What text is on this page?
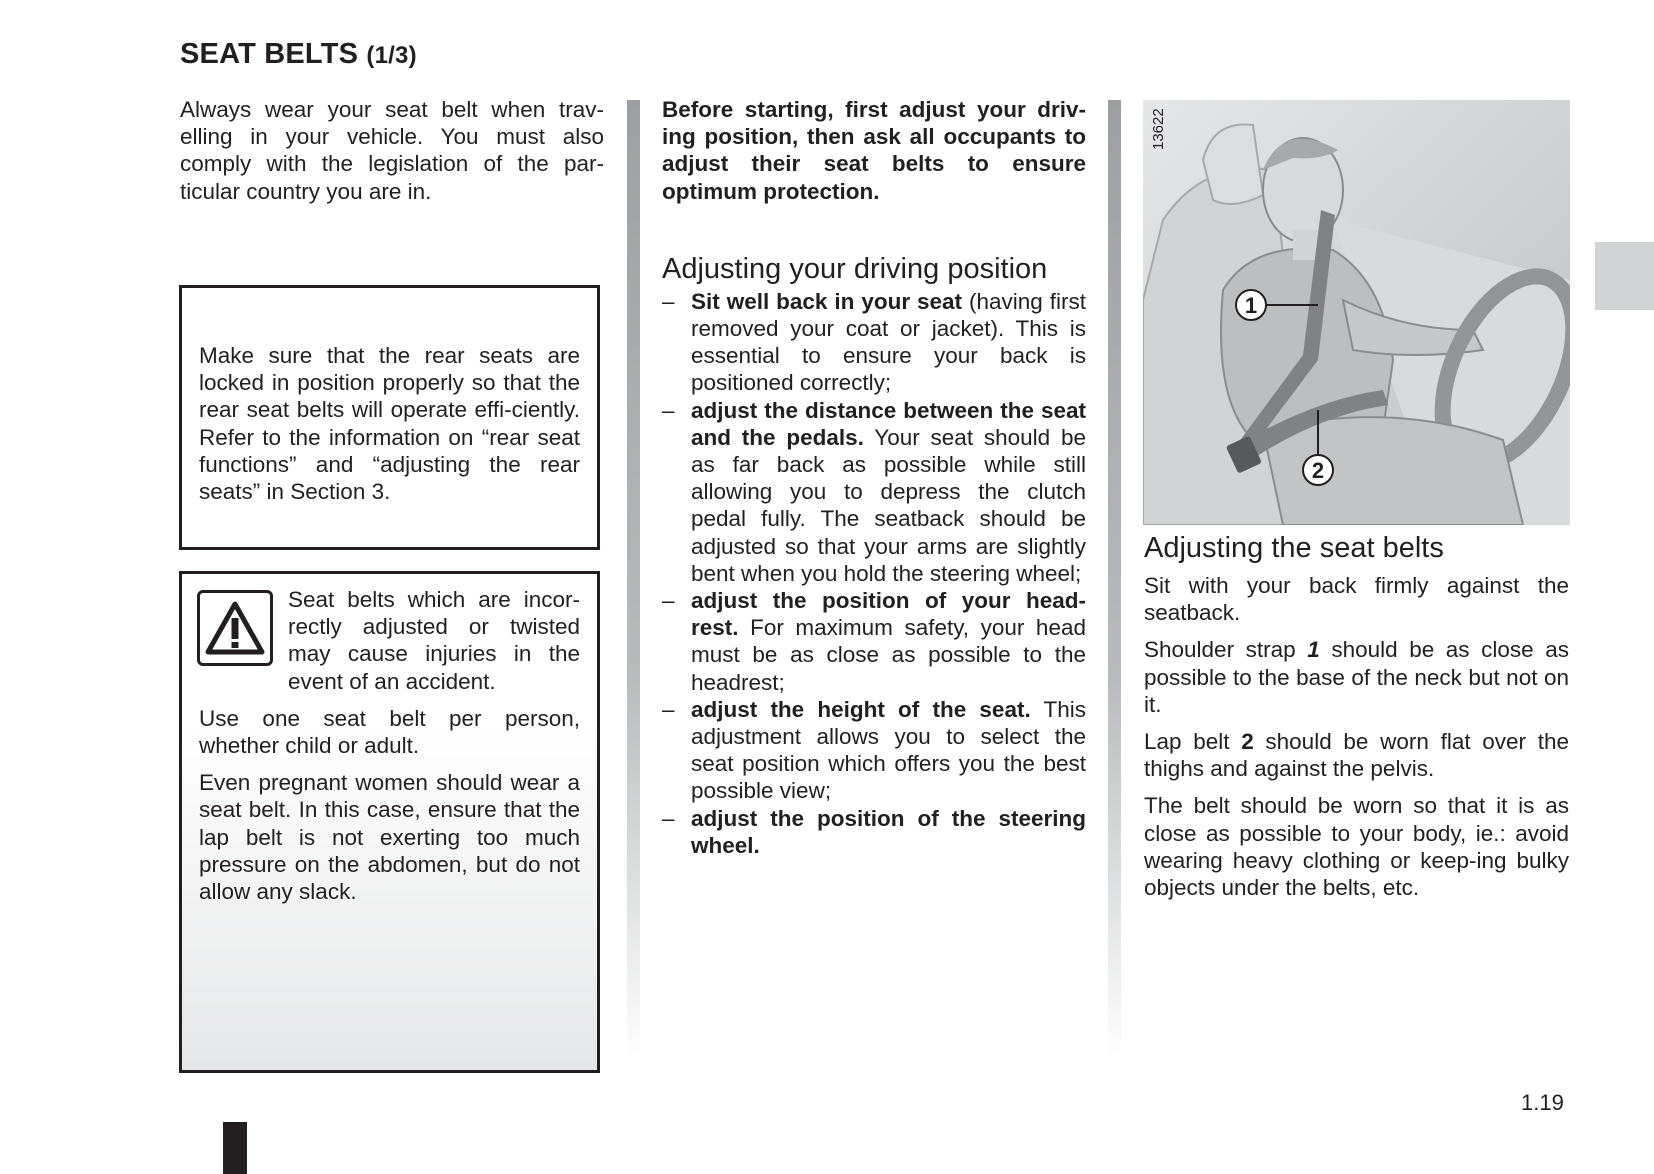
SEAT BELTS (1/3)

Always wear your seat belt when trav-elling in your vehicle. You must also comply with the legislation of the par-ticular country you are in.

Make sure that the rear seats are locked in position properly so that the rear seat belts will operate effi-ciently. Refer to the information on “rear seat functions” and “adjusting the rear seats” in Section 3.

Seat belts which are incor-rectly adjusted or twisted may cause injuries in the event of an accident.

Use one seat belt per person, whether child or adult.

Even pregnant women should wear a seat belt. In this case, ensure that the lap belt is not exerting too much pressure on the abdomen, but do not allow any slack.

Before starting, first adjust your driv-ing position, then ask all occupants to adjust their seat belts to ensure optimum protection.

Adjusting your driving position
– Sit well back in your seat (having first removed your coat or jacket). This is essential to ensure your back is positioned correctly;
– adjust the distance between the seat and the pedals. Your seat should be as far back as possible while still allowing you to depress the clutch pedal fully. The seatback should be adjusted so that your arms are slightly bent when you hold the steering wheel;
– adjust the position of your head-rest. For maximum safety, your head must be as close as possible to the headrest;
– adjust the height of the seat. This adjustment allows you to select the seat position which offers you the best possible view;
– adjust the position of the steering wheel.
1
2
13622
Adjusting the seat belts

Sit with your back firmly against the seatback.

Shoulder strap 1 should be as close as possible to the base of the neck but not on it.

Lap belt 2 should be worn flat over the thighs and against the pelvis.

The belt should be worn so that it is as close as possible to your body, ie.: avoid wearing heavy clothing or keep-ing bulky objects under the belts, etc.

1.19
